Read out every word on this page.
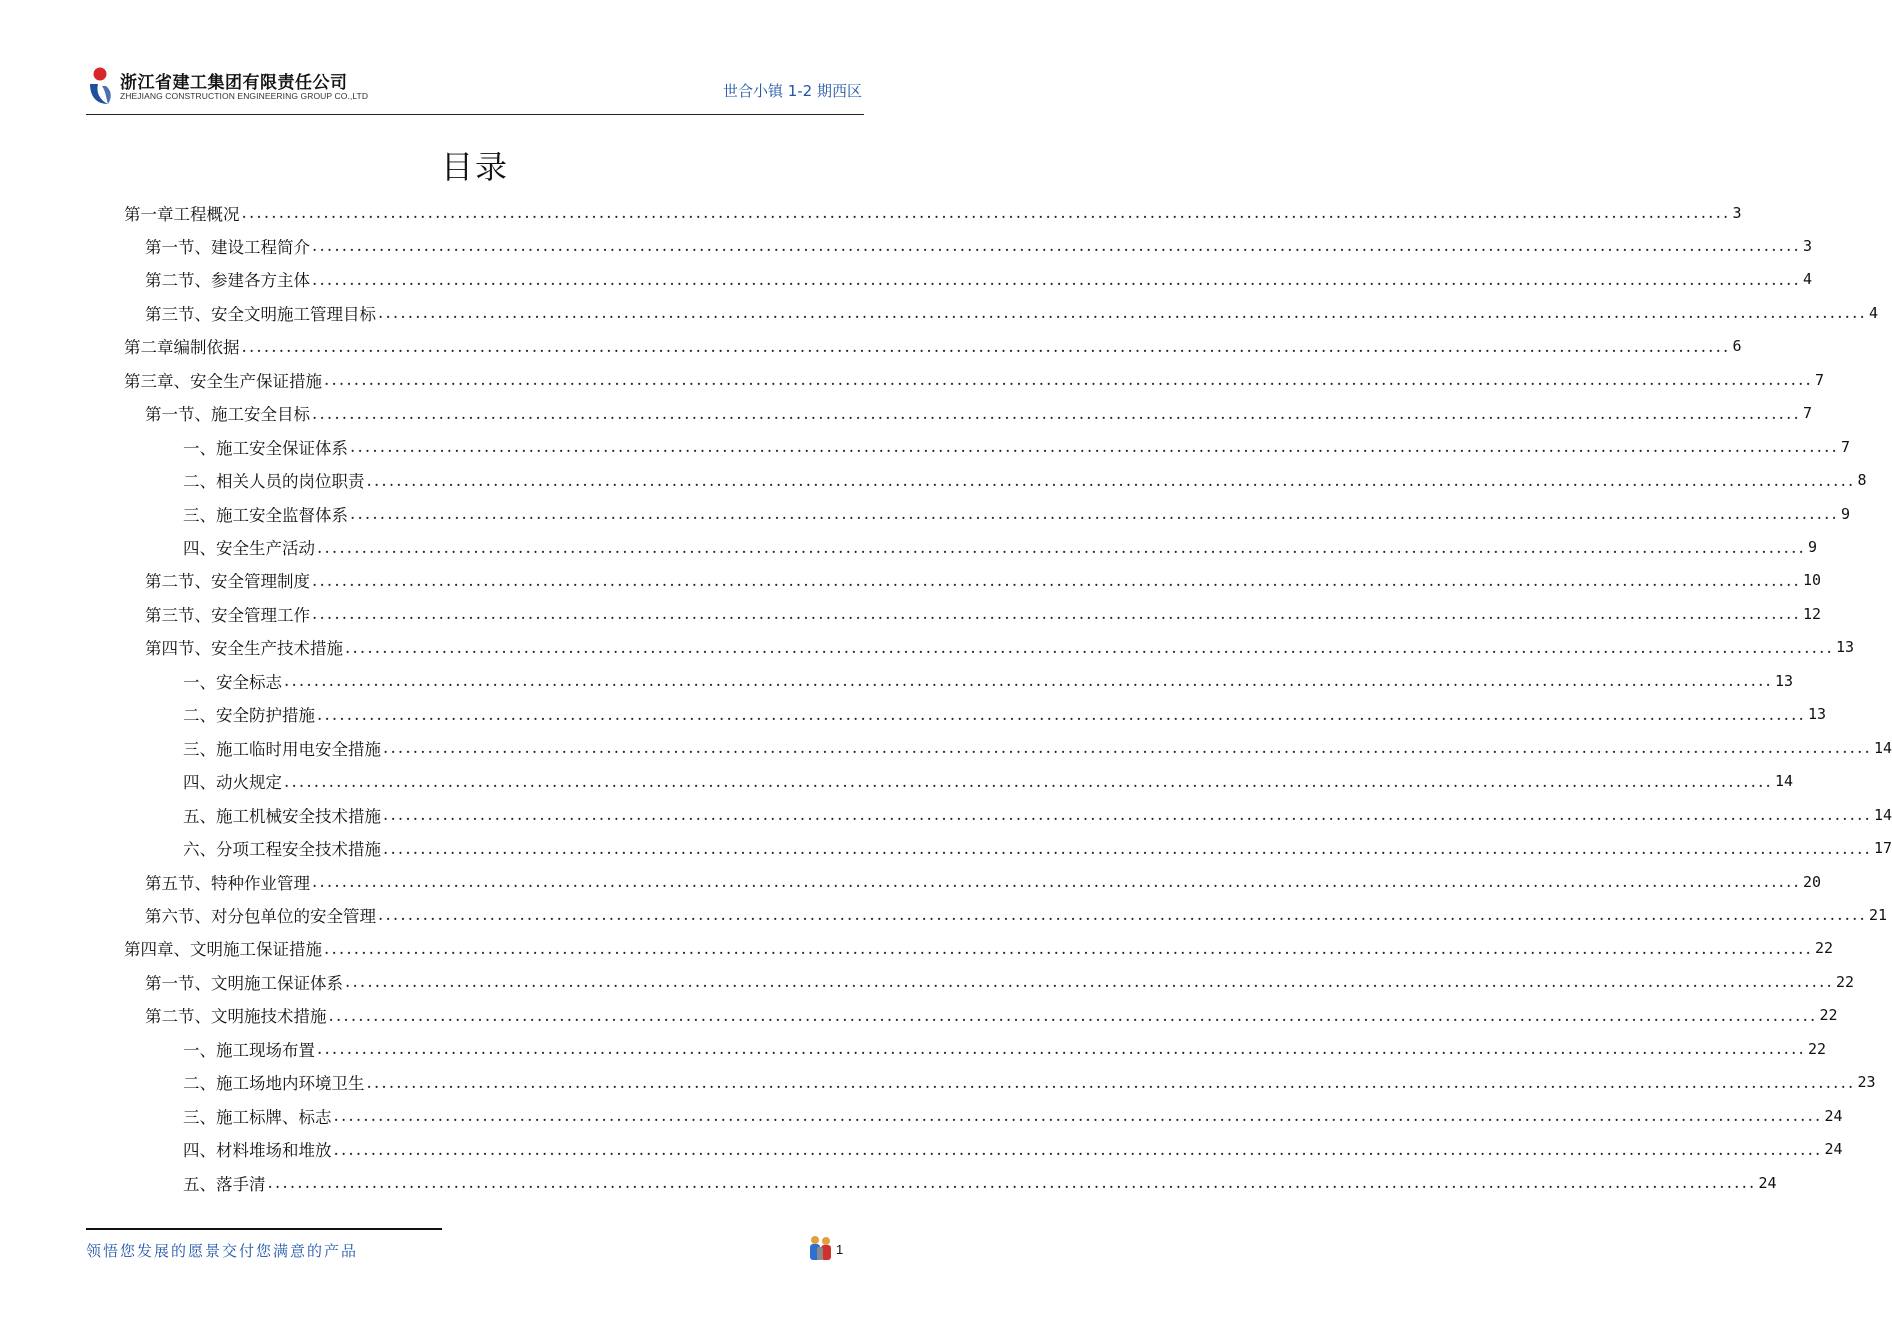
浙江省建工集团有限责任公司
ZHEJIANG CONSTRUCTION ENGINEERING GROUP CO.,LTD	世合小镇 1-2 期西区
目录
第一章工程概况 ........................................................................................................................................................................................................ 3
第一节、建设工程简介 ........................................................................................................................................................................................................ 3
第二节、参建各方主体 ........................................................................................................................................................................................................ 4
第三节、安全文明施工管理目标 ........................................................................................................................................................................................................ 4
第二章编制依据 ........................................................................................................................................................................................................ 6
第三章、安全生产保证措施 ........................................................................................................................................................................................................ 7
第一节、施工安全目标 ........................................................................................................................................................................................................ 7
一、施工安全保证体系 ........................................................................................................................................................................................................ 7
二、相关人员的岗位职责 ........................................................................................................................................................................................................ 8
三、施工安全监督体系 ........................................................................................................................................................................................................ 9
四、安全生产活动 ........................................................................................................................................................................................................ 9
第二节、安全管理制度 ........................................................................................................................................................................................................ 10
第三节、安全管理工作 ........................................................................................................................................................................................................ 12
第四节、安全生产技术措施 ........................................................................................................................................................................................................ 13
一、安全标志 ........................................................................................................................................................................................................ 13
二、安全防护措施 ........................................................................................................................................................................................................ 13
三、施工临时用电安全措施 ........................................................................................................................................................................................................ 14
四、动火规定 ........................................................................................................................................................................................................ 14
五、施工机械安全技术措施 ........................................................................................................................................................................................................ 14
六、分项工程安全技术措施 ........................................................................................................................................................................................................ 17
第五节、特种作业管理 ........................................................................................................................................................................................................ 20
第六节、对分包单位的安全管理 ........................................................................................................................................................................................................ 21
第四章、文明施工保证措施 ........................................................................................................................................................................................................ 22
第一节、文明施工保证体系 ........................................................................................................................................................................................................ 22
第二节、文明施技术措施 ........................................................................................................................................................................................................ 22
一、施工现场布置 ........................................................................................................................................................................................................ 22
二、施工场地内环境卫生 ........................................................................................................................................................................................................ 23
三、施工标牌、标志 ........................................................................................................................................................................................................ 24
四、材料堆场和堆放 ........................................................................................................................................................................................................ 24
五、落手清 ........................................................................................................................................................................................................ 24
领悟您发展的愿景交付您满意的产品	1
